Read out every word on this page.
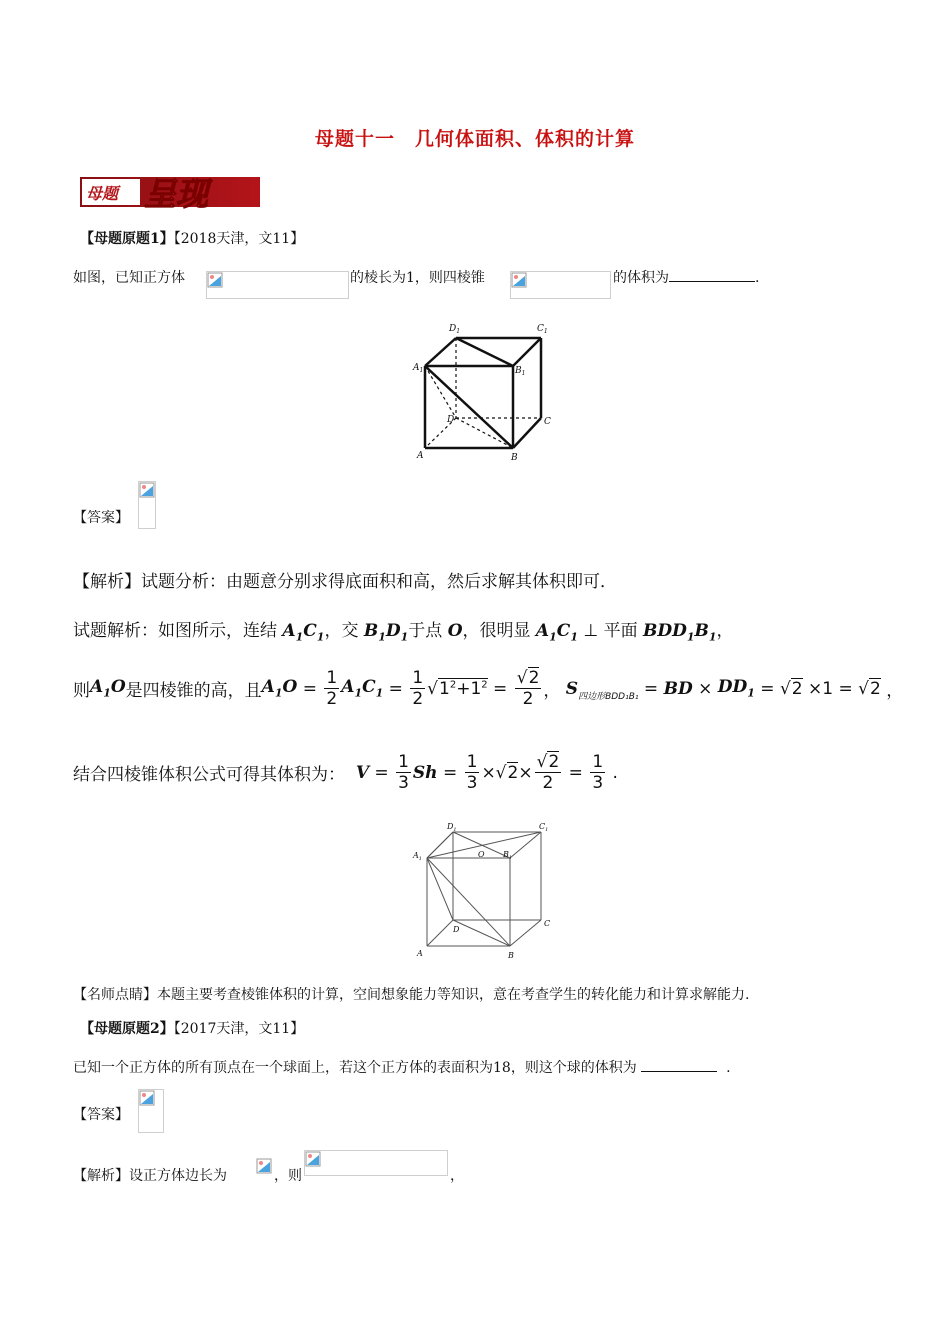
母题十一　几何体面积、体积的计算
母题 呈现
【母题原题1】【2018天津，文11】
如图，已知正方体	的棱长为1，则四棱锥	的体积为	.
$D_1$	$C_1$
$A_1$	$B_1$
D	C
A	B
【答案】
【解析】试题分析：由题意分别求得底面积和高，然后求解其体积即可．
试题解析：如图所示，连结 $A_1C_1$，交 $B_1D_1$于点 O，很明显 $A_1C_1$ ⊥ 平面 $BDD_1B_1$，
则 $A_1O$ 是四棱锥的高，且 $A_1O = \frac{1}{2} A_1C_1 = \frac{1}{2}$ √ $1^2+1^2 = \frac{√2}{2}$ ， S 四边形BDD₁B₁ = BD × $DD_1$ = √ 2 ×1 = √ 2 ，
结合四棱锥体积公式可得其体积为：
$V = \frac{1}{3}$ $Sh = \frac{1}{3}$ ×√ $2 \times \frac{√2}{2} = \frac{1}{3}$ .
$D_1$	$C_1$
$A_1$	O $B_1$
D
C
A	B
【名师点睛】本题主要考查棱锥体积的计算，空间想象能力等知识，意在考查学生的转化能力和计算求解能力.
【母题原题2】【2017天津，文11】
已知一个正方体的所有顶点在一个球面上，若这个正方体的表面积为18，则这个球的体积为	.
【答案】
【解析】设正方体边长为	，则	，
